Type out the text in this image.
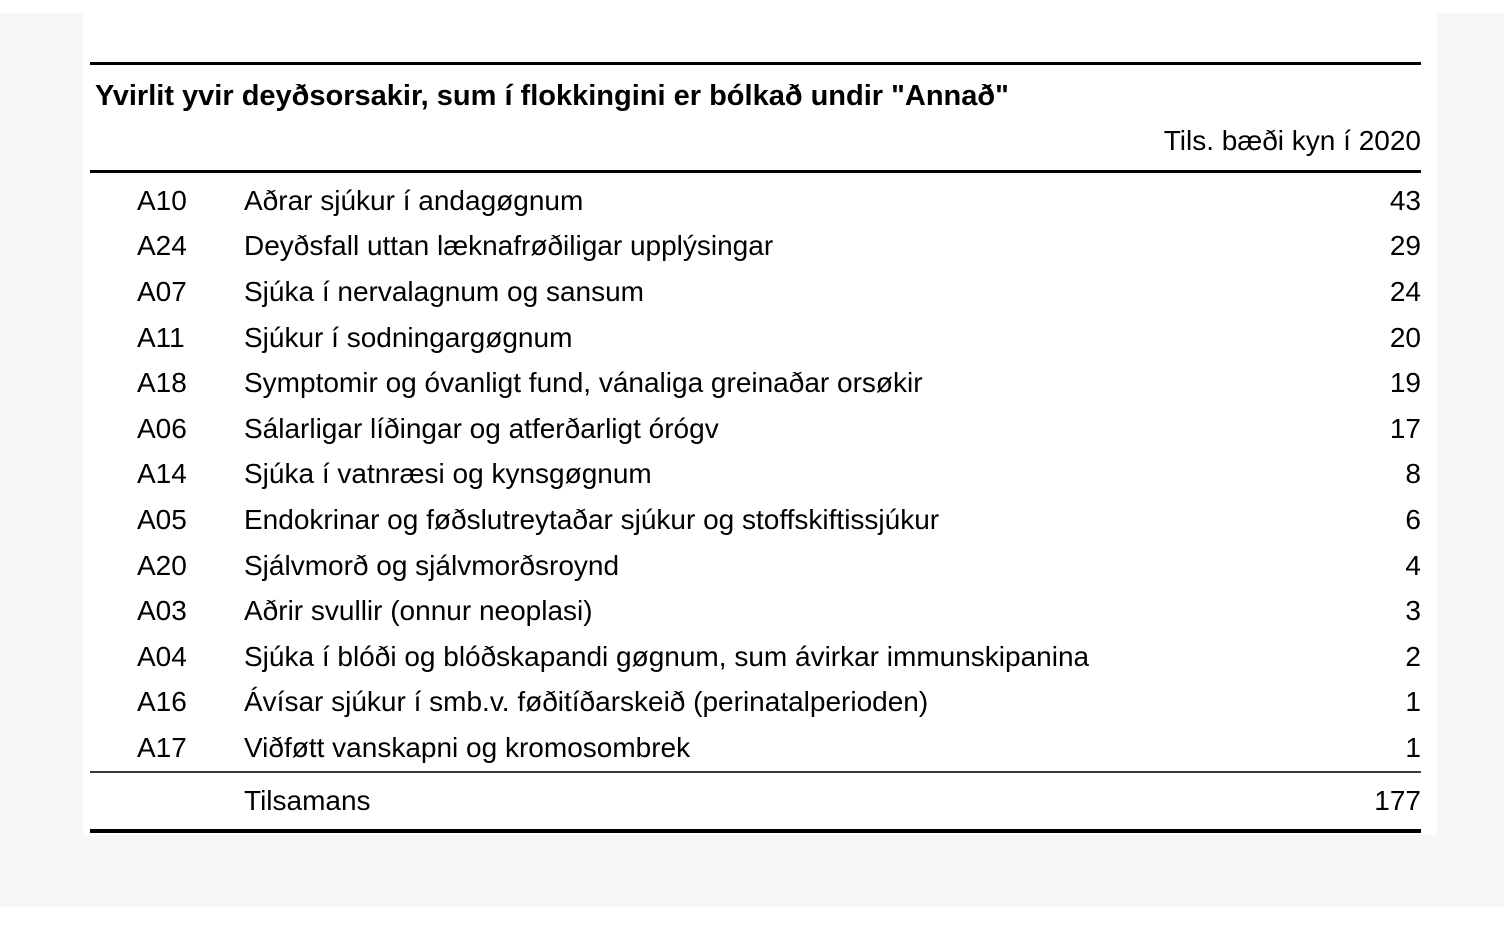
Yvirlit yvir deyðsorsakir, sum í flokkingini er bólkað undir "Annað"
Tils. bæði kyn í 2020
A10	Aðrar sjúkur í andagøgnum	43
A24	Deyðsfall uttan læknafrøðiligar upplýsingar	29
A07	Sjúka í nervalagnum og sansum	24
A11	Sjúkur í sodningargøgnum	20
A18	Symptomir og óvanligt fund, vánaliga greinaðar orsøkir	19
A06	Sálarligar líðingar og atferðarligt órógv	17
A14	Sjúka í vatnræsi og kynsgøgnum	8
A05	Endokrinar og føðslutreytaðar sjúkur og stoffskiftissjúkur	6
A20	Sjálvmorð og sjálvmorðsroynd	4
A03	Aðrir svullir (onnur neoplasi)	3
A04	Sjúka í blóði og blóðskapandi gøgnum, sum ávirkar immunskipanina	2
A16	Ávísar sjúkur í smb.v. føðitíðarskeið (perinatalperioden)	1
A17	Viðføtt vanskapni og kromosombrek	1
Tilsamans	177
